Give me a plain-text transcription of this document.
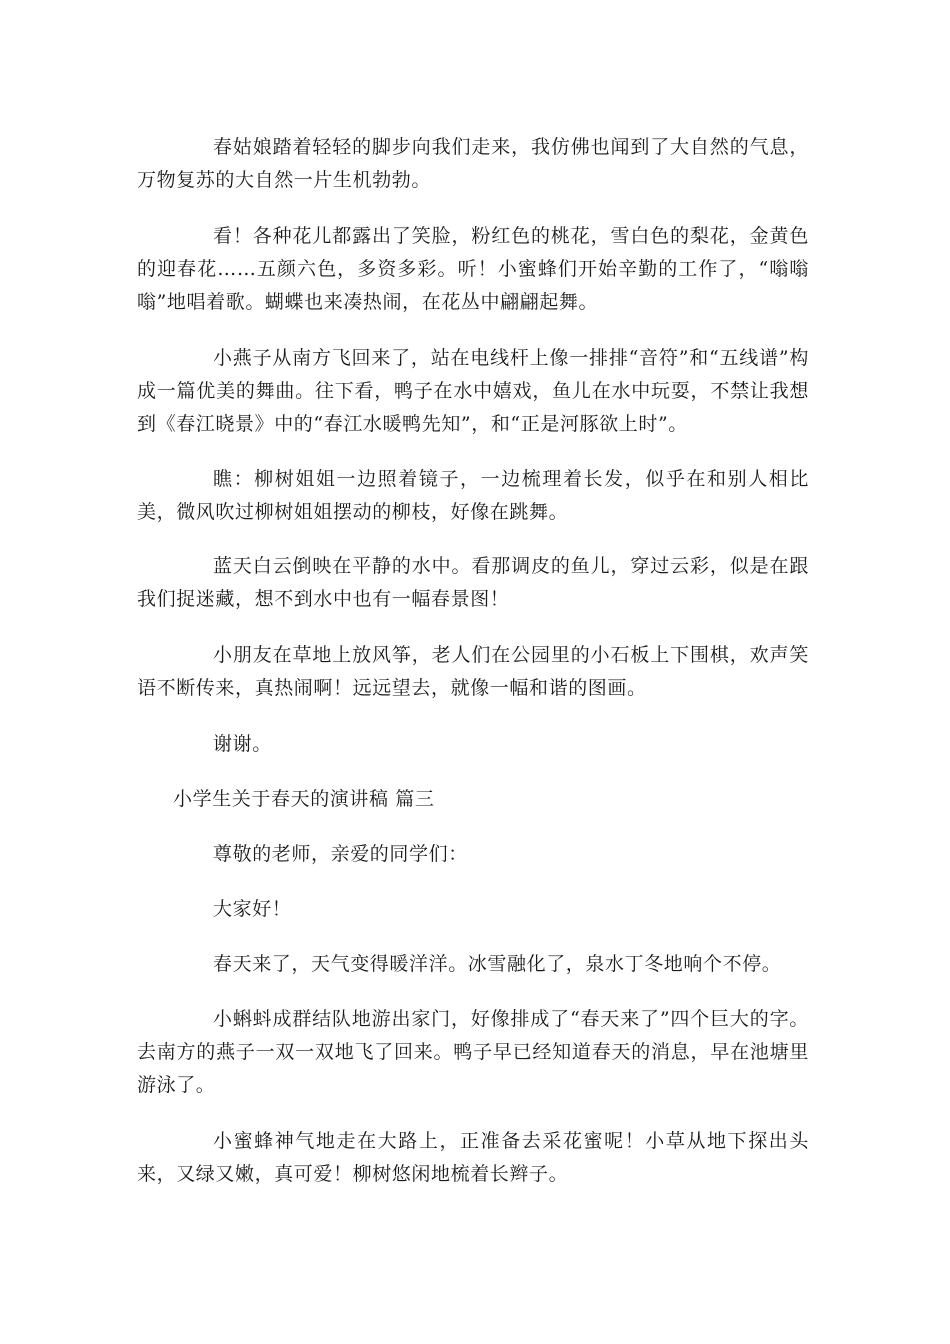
春姑娘踏着轻轻的脚步向我们走来，我仿佛也闻到了大自然的气息，万物复苏的大自然一片生机勃勃。

看！各种花儿都露出了笑脸，粉红色的桃花，雪白色的梨花，金黄色的迎春花……五颜六色，多资多彩。听！小蜜蜂们开始辛勤的工作了，“嗡嗡嗡”地唱着歌。蝴蝶也来凑热闹，在花丛中翩翩起舞。

小燕子从南方飞回来了，站在电线杆上像一排排“音符”和“五线谱”构成一篇优美的舞曲。往下看，鸭子在水中嬉戏，鱼儿在水中玩耍，不禁让我想到《春江晓景》中的“春江水暖鸭先知”，和“正是河豚欲上时”。

瞧：柳树姐姐一边照着镜子，一边梳理着长发，似乎在和别人相比美，微风吹过柳树姐姐摆动的柳枝，好像在跳舞。

蓝天白云倒映在平静的水中。看那调皮的鱼儿，穿过云彩，似是在跟我们捉迷藏，想不到水中也有一幅春景图！

小朋友在草地上放风筝，老人们在公园里的小石板上下围棋，欢声笑语不断传来，真热闹啊！远远望去，就像一幅和谐的图画。

谢谢。

小学生关于春天的演讲稿 篇三

尊敬的老师，亲爱的同学们：

大家好！

春天来了，天气变得暖洋洋。冰雪融化了，泉水丁冬地响个不停。

小蝌蚪成群结队地游出家门，好像排成了“春天来了”四个巨大的字。去南方的燕子一双一双地飞了回来。鸭子早已经知道春天的消息，早在池塘里游泳了。

小蜜蜂神气地走在大路上，正准备去采花蜜呢！小草从地下探出头来，又绿又嫩，真可爱！柳树悠闲地梳着长辫子。
